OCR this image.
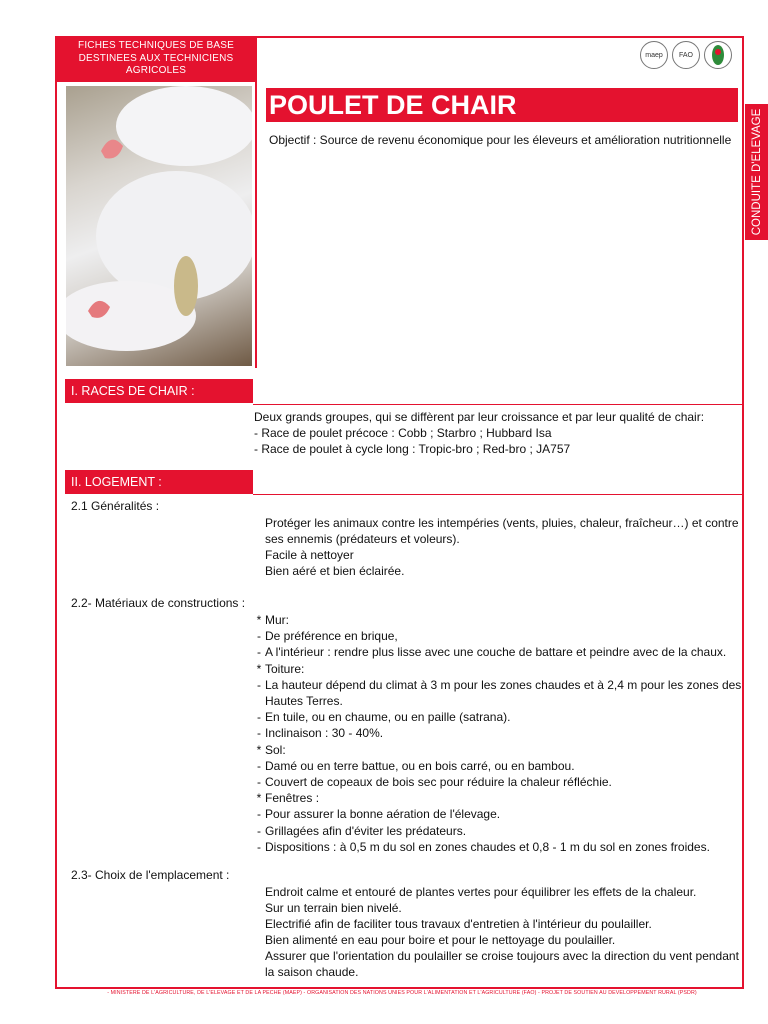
FICHES TECHNIQUES DE BASE DESTINEES AUX TECHNICIENS AGRICOLES
maep	FAO
POULET DE CHAIR
Objectif : Source de revenu économique pour les éleveurs et amélioration nutritionnelle CONDUITE D'ELEVAGE
I. RACES DE CHAIR :
Deux grands groupes, qui se diffèrent par leur croissance et par leur qualité de chair:
- Race de poulet précoce : Cobb ; Starbro ; Hubbard Isa
- Race de poulet à cycle long : Tropic-bro ; Red-bro ; JA757
II. LOGEMENT :
2.1 Généralités :
Protéger les animaux contre les intempéries (vents, pluies, chaleur, fraîcheur…) et contre
ses ennemis (prédateurs et voleurs).
Facile à nettoyer
Bien aéré et bien éclairée.
2.2- Matériaux de constructions :
* Mur:
- De préférence en brique,
- A l'intérieur : rendre plus lisse avec une couche de battare et peindre avec de la chaux.
* Toiture:
- La hauteur dépend du climat à 3 m pour les zones chaudes et à 2,4 m pour les zones des
Hautes Terres.
- En tuile, ou en chaume, ou en paille (satrana).
- Inclinaison : 30 - 40%.
* Sol:
- Damé ou en terre battue, ou en bois carré, ou en bambou.
- Couvert de copeaux de bois sec pour réduire la chaleur réfléchie.
* Fenêtres :
- Pour assurer la bonne aération de l'élevage.
- Grillagées afin d'éviter les prédateurs.
- Dispositions : à 0,5 m du sol en zones chaudes et 0,8 - 1 m du sol en zones froides.
2.3- Choix de l'emplacement :
Endroit calme et entouré de plantes vertes pour équilibrer les effets de la chaleur.
Sur un terrain bien nivelé.
Electrifié afin de faciliter tous travaux d'entretien à l'intérieur du poulailler.
Bien alimenté en eau pour boire et pour le nettoyage du poulailler.
Assurer que l'orientation du poulailler se croise toujours avec la direction du vent pendant
la saison chaude.
- MINISTERE DE L'AGRICULTURE, DE L'ELEVAGE ET DE LA PECHE (MAEP) - ORGANISATION DES NATIONS UNIES POUR L'ALIMENTATION ET L'AGRICULTURE (FAO) - PROJET DE SOUTIEN AU DEVELOPPEMENT RURAL (PSDR)
